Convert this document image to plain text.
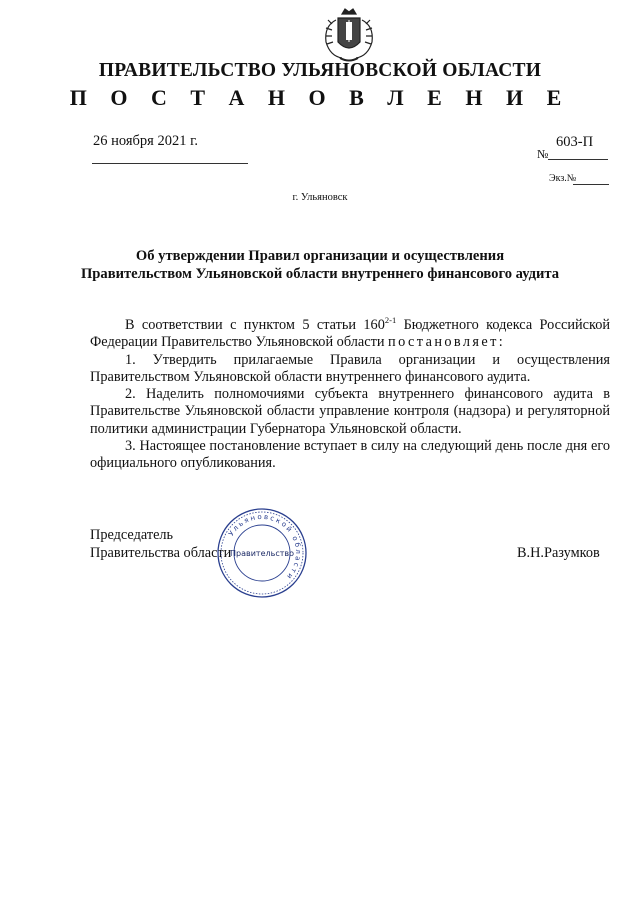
ПРАВИТЕЛЬСТВО УЛЬЯНОВСКОЙ ОБЛАСТИ
П О С Т А Н О В Л Е Н И Е
26 ноября 2021 г.
№
603-П
Экз.№
г. Ульяновск
Об утверждении Правил организации и осуществления
Правительством Ульяновской области внутреннего финансового аудита

В соответствии с пунктом 5 статьи 160$^{2-1}$ Бюджетного кодекса Российской Федерации Правительство Ульяновской области постановляет:

1. Утвердить прилагаемые Правила организации и осуществления Правительством Ульяновской области внутреннего финансового аудита.

2. Наделить полномочиями субъекта внутреннего финансового аудита в Правительстве Ульяновской области управление контроля (надзора) и регуляторной политики администрации Губернатора Ульяновской области.

3. Настоящее постановление вступает в силу на следующий день после дня его официального опубликования.

Председатель
Правительства области	В.Н.Разумков
Ульяновской области
Правительство
